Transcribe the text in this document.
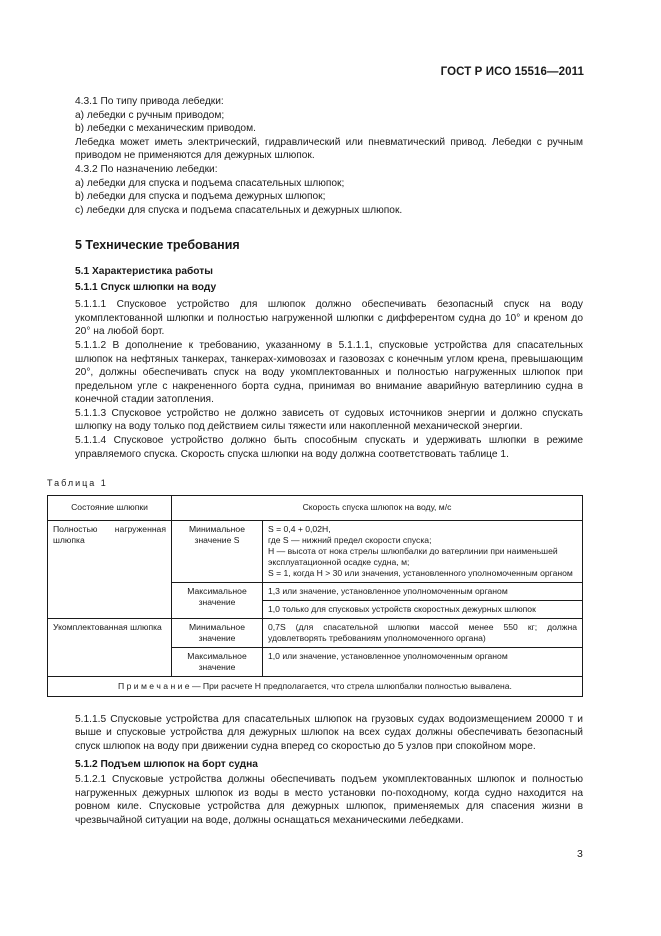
ГОСТ Р ИСО 15516—2011

4.3.1 По типу привода лебедки:

а) лебедки с ручным приводом;

b) лебедки с механическим приводом.

Лебедка может иметь электрический, гидравлический или пневматический привод. Лебедки с ручным приводом не применяются для дежурных шлюпок.

4.3.2 По назначению лебедки:

а) лебедки для спуска и подъема спасательных шлюпок;

b) лебедки для спуска и подъема дежурных шлюпок;

с) лебедки для спуска и подъема спасательных и дежурных шлюпок.

5 Технические требования
5.1 Характеристика работы
5.1.1 Спуск шлюпки на воду

5.1.1.1 Спусковое устройство для шлюпок должно обеспечивать безопасный спуск на воду укомплектованной шлюпки и полностью нагруженной шлюпки с дифферентом судна до 10° и креном до 20° на любой борт.

5.1.1.2 В дополнение к требованию, указанному в 5.1.1.1, спусковые устройства для спасательных шлюпок на нефтяных танкерах, танкерах-химовозах и газовозах с конечным углом крена, превышающим 20°, должны обеспечивать спуск на воду укомплектованных и полностью нагруженных шлюпок при предельном угле с накрененного борта судна, принимая во внимание аварийную ватерлинию судна в конечной стадии затопления.

5.1.1.3 Спусковое устройство не должно зависеть от судовых источников энергии и должно спускать шлюпку на воду только под действием силы тяжести или накопленной механической энергии.

5.1.1.4 Спусковое устройство должно быть способным спускать и удерживать шлюпки в режиме управляемого спуска. Скорость спуска шлюпки на воду должна соответствовать таблице 1.

Таблица 1
Состояние шлюпки	Скорость спуска шлюпок на воду, м/с	
Полностью нагруженная шлюпка	Минимальное значение S	S = 0,4 + 0,02H,
где S — нижний предел скорости спуска;
H — высота от нока стрелы шлюпбалки до ватерлинии при наименьшей эксплуатационной осадке судна, м;
S = 1, когда H > 30 или значения, установленного уполномоченным органом

	Максимальное значение	1,3 или значение, установленное уполномоченным органом
		1,0 только для спусковых устройств скоростных дежурных шлюпок
Укомплектованная шлюпка	Минимальное значение	0,7S (для спасательной шлюпки массой менее 550 кг; должна удовлетворять требованиям уполномоченного органа)
	Максимальное значение	1,0 или значение, установленное уполномоченным органом
П р и м е ч а н и е — При расчете H предполагается, что стрела шлюпбалки полностью вывалена.		

5.1.1.5 Спусковые устройства для спасательных шлюпок на грузовых судах водоизмещением 20000 т и выше и спусковые устройства для дежурных шлюпок на всех судах должны обеспечивать безопасный спуск шлюпок на воду при движении судна вперед со скоростью до 5 узлов при спокойном море.

5.1.2 Подъем шлюпок на борт судна

5.1.2.1 Спусковые устройства должны обеспечивать подъем укомплектованных шлюпок и полностью нагруженных дежурных шлюпок из воды в место установки по-походному, когда судно находится на ровном киле. Спусковые устройства для дежурных шлюпок, применяемых для спасения жизни в чрезвычайной ситуации на воде, должны оснащаться механическими лебедками.

3
